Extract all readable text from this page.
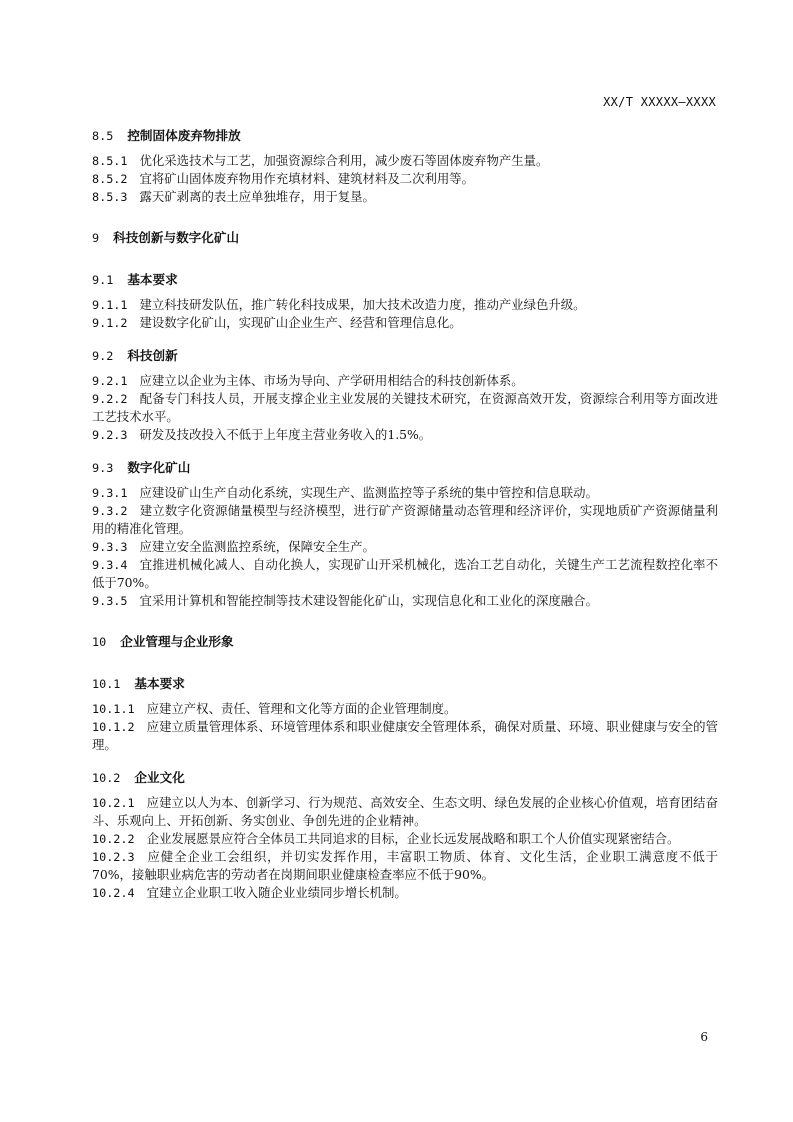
XX/T XXXXX—XXXX
8.5 控制固体废弃物排放
8.5.1 优化采选技术与工艺，加强资源综合利用，减少废石等固体废弃物产生量。
8.5.2 宜将矿山固体废弃物用作充填材料、建筑材料及二次利用等。
8.5.3 露天矿剥离的表土应单独堆存，用于复垦。
9 科技创新与数字化矿山
9.1 基本要求
9.1.1 建立科技研发队伍，推广转化科技成果，加大技术改造力度，推动产业绿色升级。
9.1.2 建设数字化矿山，实现矿山企业生产、经营和管理信息化。
9.2 科技创新
9.2.1 应建立以企业为主体、市场为导向、产学研用相结合的科技创新体系。
9.2.2 配备专门科技人员，开展支撑企业主业发展的关键技术研究，在资源高效开发，资源综合利用等方面改进工艺技术水平。
9.2.3 研发及技改投入不低于上年度主营业务收入的1.5%。
9.3 数字化矿山
9.3.1 应建设矿山生产自动化系统，实现生产、监测监控等子系统的集中管控和信息联动。
9.3.2 建立数字化资源储量模型与经济模型，进行矿产资源储量动态管理和经济评价，实现地质矿产资源储量利用的精准化管理。
9.3.3 应建立安全监测监控系统，保障安全生产。
9.3.4 宜推进机械化减人、自动化换人，实现矿山开采机械化，选冶工艺自动化，关键生产工艺流程数控化率不低于70%。
9.3.5 宜采用计算机和智能控制等技术建设智能化矿山，实现信息化和工业化的深度融合。
10 企业管理与企业形象
10.1 基本要求
10.1.1 应建立产权、责任、管理和文化等方面的企业管理制度。
10.1.2 应建立质量管理体系、环境管理体系和职业健康安全管理体系，确保对质量、环境、职业健康与安全的管理。
10.2 企业文化
10.2.1 应建立以人为本、创新学习、行为规范、高效安全、生态文明、绿色发展的企业核心价值观，培育团结奋斗、乐观向上、开拓创新、务实创业、争创先进的企业精神。
10.2.2 企业发展愿景应符合全体员工共同追求的目标，企业长远发展战略和职工个人价值实现紧密结合。
10.2.3 应健全企业工会组织，并切实发挥作用，丰富职工物质、体育、文化生活，企业职工满意度不低于70%，接触职业病危害的劳动者在岗期间职业健康检查率应不低于90%。
10.2.4 宜建立企业职工收入随企业业绩同步增长机制。
6
